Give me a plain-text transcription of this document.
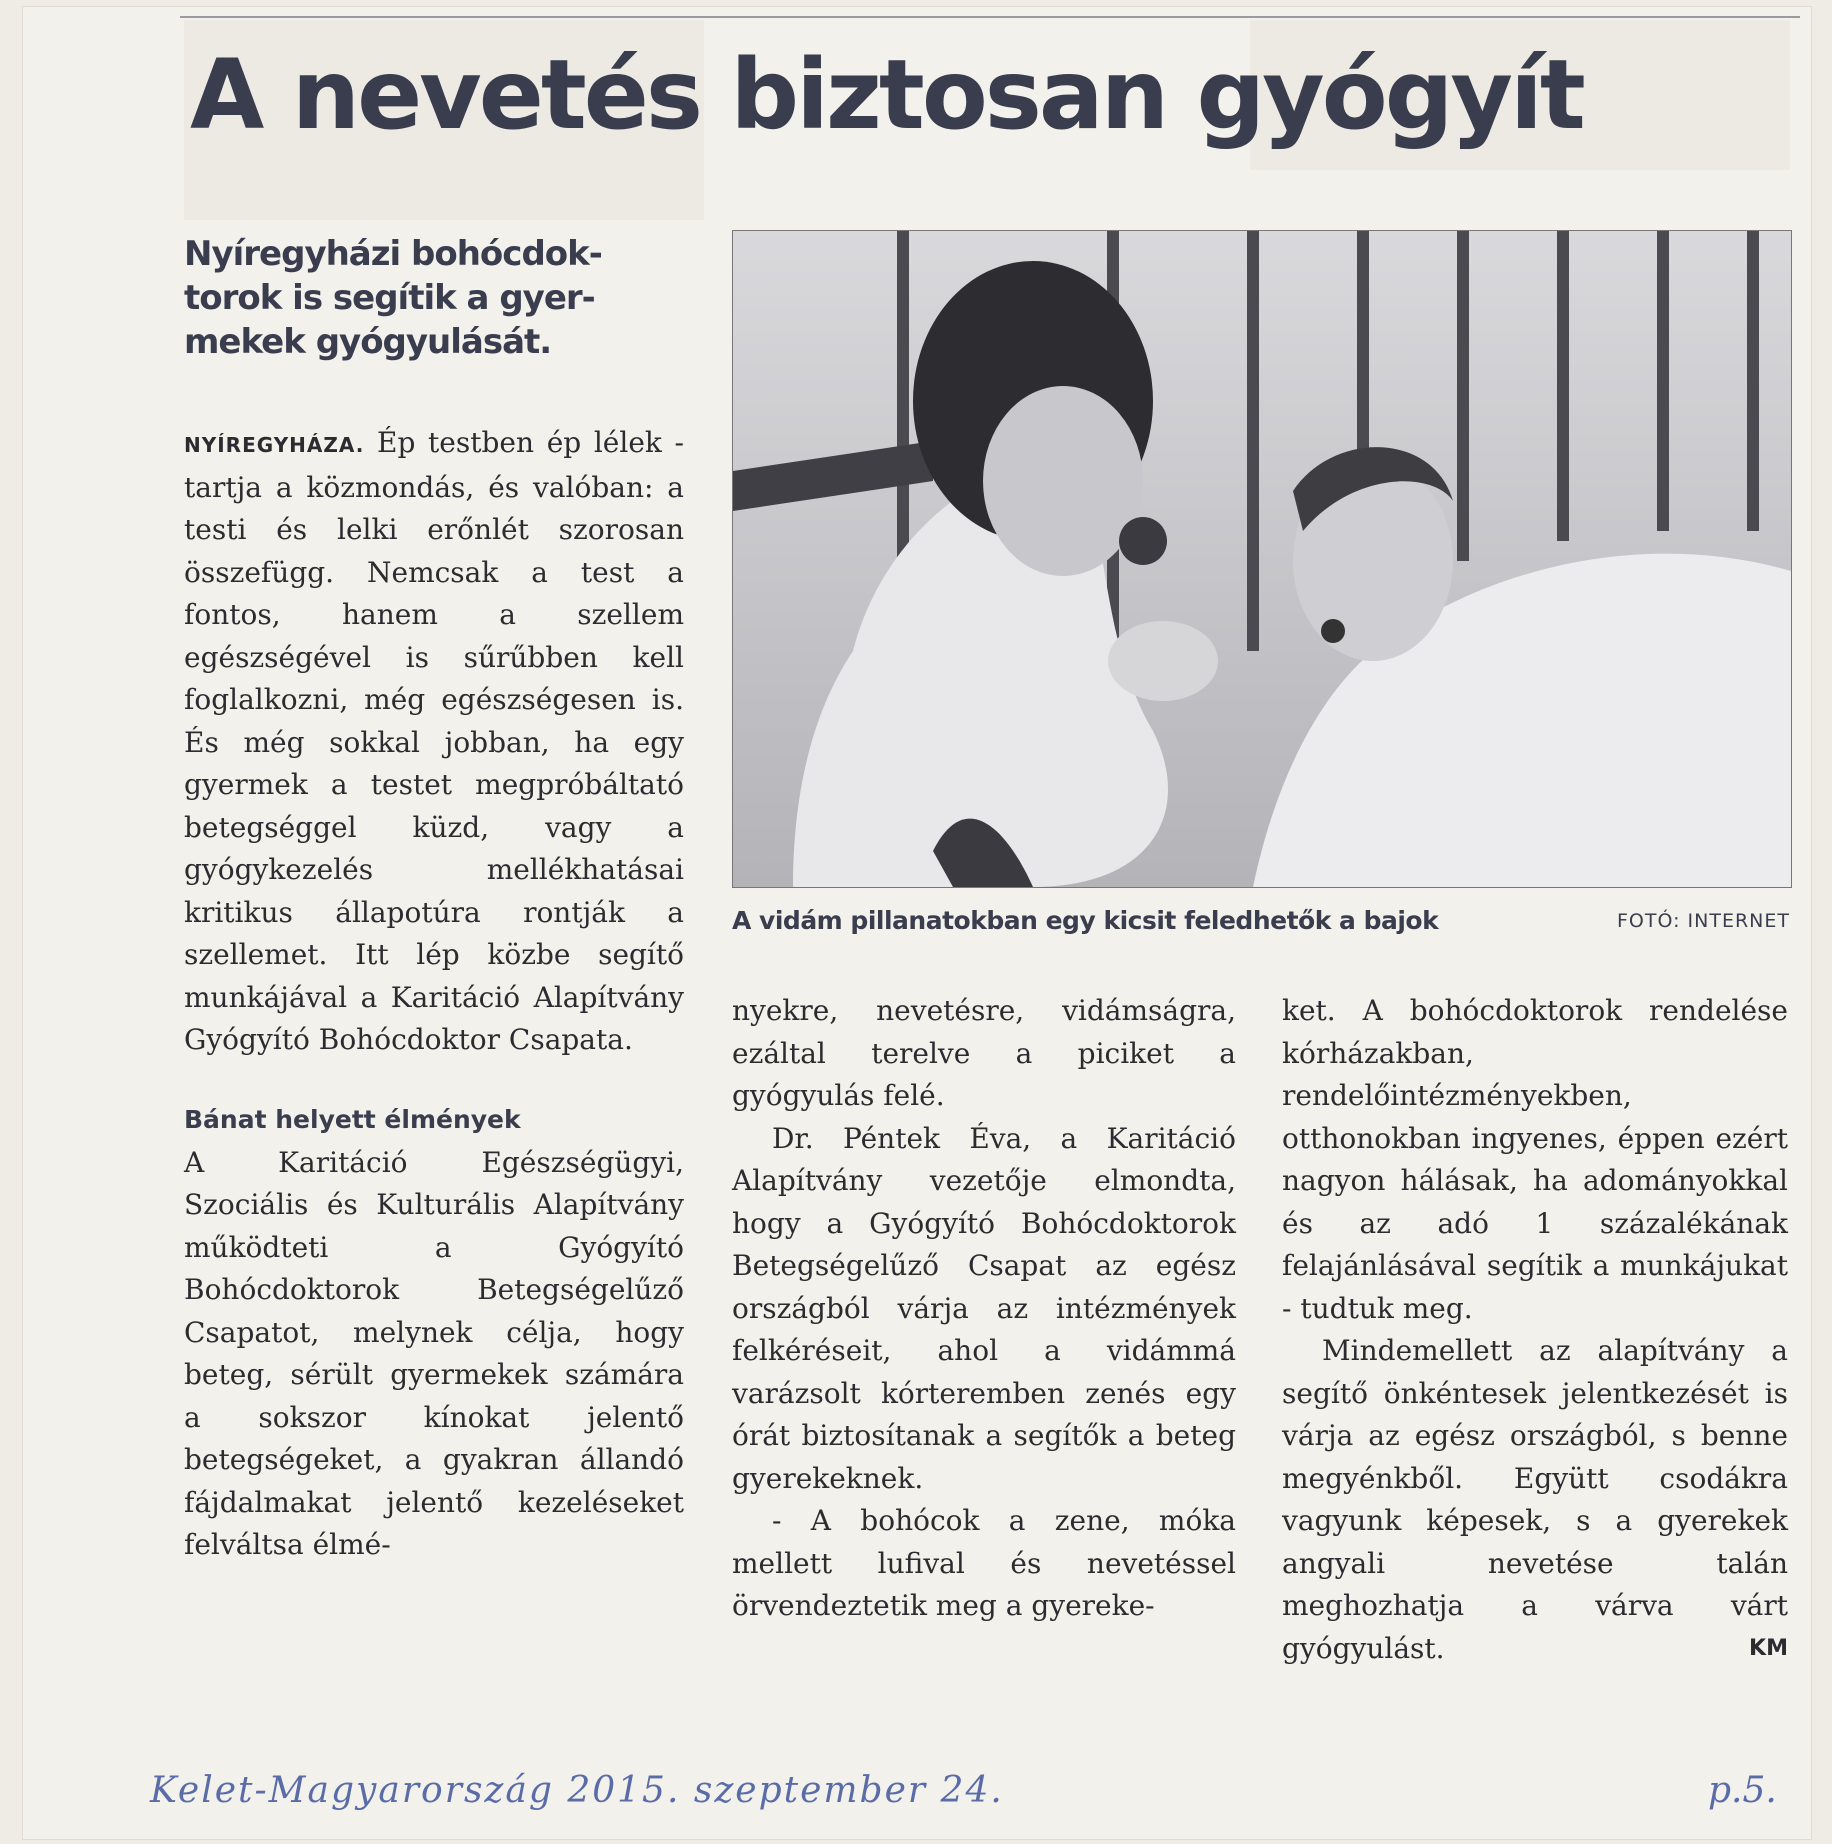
A nevetés biztosan gyógyít
Nyíregyházi bohócdok-torok is segítik a gyer-mekek gyógyulását.

NYÍREGYHÁZA. Ép testben ép lélek - tartja a közmondás, és valóban: a testi és lelki erőnlét szorosan összefügg. Nemcsak a test a fontos, hanem a szellem egészségével is sűrűbben kell foglalkozni, még egészségesen is. És még sokkal jobban, ha egy gyermek a testet megpróbáltató betegséggel küzd, vagy a gyógykezelés mellékhatásai kritikus állapotúra rontják a szellemet. Itt lép közbe segítő munkájával a Karitáció Alapítvány Gyógyító Bohócdoktor Csapata.

Bánat helyett élmények

A Karitáció Egészségügyi, Szociális és Kulturális Alapítvány működteti a Gyógyító Bohócdoktorok Betegségelűző Csapatot, melynek célja, hogy beteg, sérült gyermekek számára a sokszor kínokat jelentő betegségeket, a gyakran állandó fájdalmakat jelentő kezeléseket felváltsa élmé-

A vidám pillanatokban egy kicsit feledhetők a bajok	FOTÓ: INTERNET

nyekre, nevetésre, vidámságra, ezáltal terelve a piciket a gyógyulás felé.

Dr. Péntek Éva, a Karitáció Alapítvány vezetője elmondta, hogy a Gyógyító Bohócdoktorok Betegségelűző Csapat az egész országból várja az intézmények felkéréseit, ahol a vidámmá varázsolt kórteremben zenés egy órát biztosítanak a segítők a beteg gyerekeknek.

- A bohócok a zene, móka mellett lufival és nevetéssel örvendeztetik meg a gyereke-

ket. A bohócdoktorok rendelése kórházakban, rendelőintézményekben, otthonokban ingyenes, éppen ezért nagyon hálásak, ha adományokkal és az adó 1 százalékának felajánlásával segítik a munkájukat - tudtuk meg.

Mindemellett az alapítvány a segítő önkéntesek jelentkezését is várja az egész országból, s benne megyénkből. Együtt csodákra vagyunk képesek, s a gyerekek angyali nevetése talán meghozhatja a várva várt gyógyulást.	KM

Kelet-Magyarország 2015. szeptember 24.	p.5.
